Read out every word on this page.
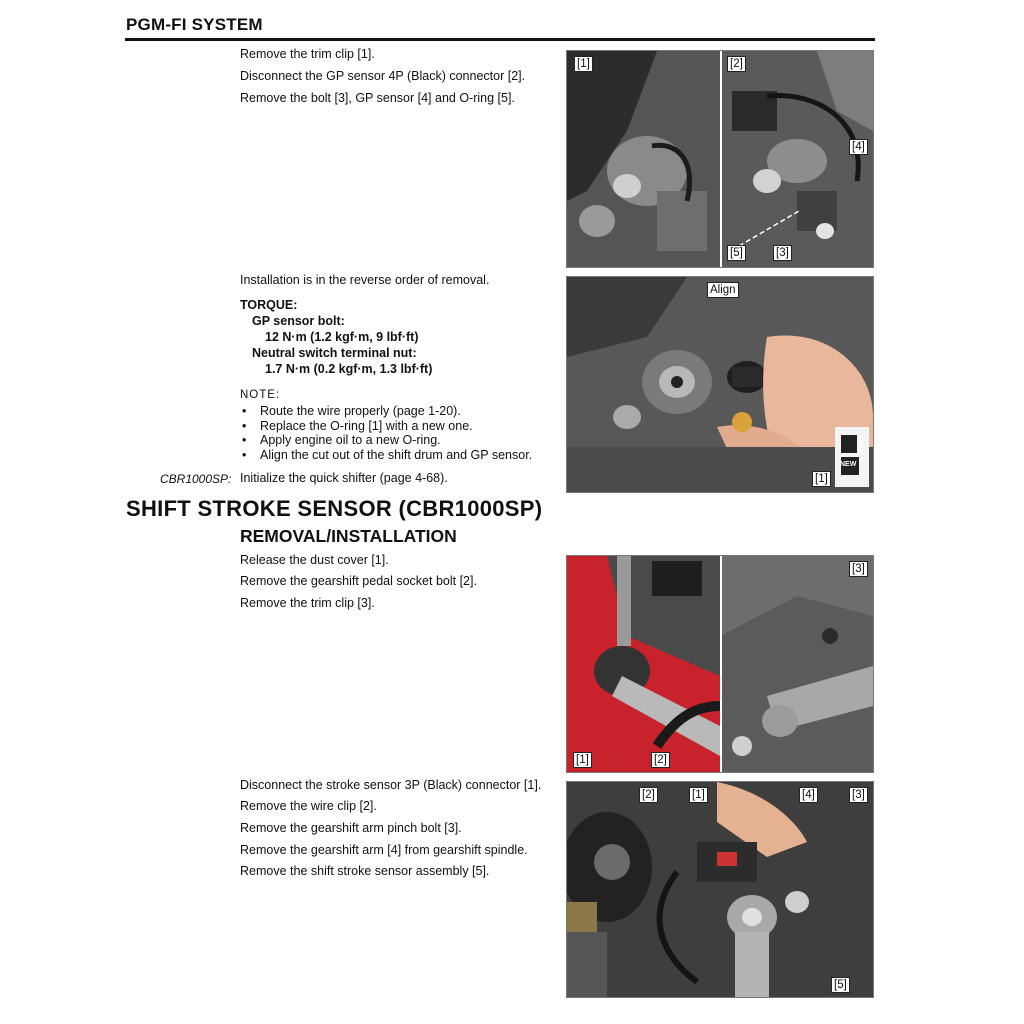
PGM-FI SYSTEM
Remove the trim clip [1].
Disconnect the GP sensor 4P (Black) connector [2].
Remove the bolt [3], GP sensor [4] and O-ring [5].
Installation is in the reverse order of removal.
TORQUE:
GP sensor bolt:
12 N·m (1.2 kgf·m, 9 lbf·ft)
Neutral switch terminal nut:
1.7 N·m (0.2 kgf·m, 1.3 lbf·ft)
NOTE:
• Route the wire properly (page 1-20).
• Replace the O-ring [1] with a new one.
• Apply engine oil to a new O-ring.
• Align the cut out of the shift drum and GP sensor.
CBR1000SP: Initialize the quick shifter (page 4-68).
SHIFT STROKE SENSOR (CBR1000SP)
REMOVAL/INSTALLATION
Release the dust cover [1].
Remove the gearshift pedal socket bolt [2].
Remove the trim clip [3].
Disconnect the stroke sensor 3P (Black) connector [1].
Remove the wire clip [2].
Remove the gearshift arm pinch bolt [3].
Remove the gearshift arm [4] from gearshift spindle.
Remove the shift stroke sensor assembly [5].
[1]	[2]
[4]
[5]	[3]
Align
[1]
OIL
NEW
[3]
[1]	[2]
[2]	[1]	[4]	[3]
[5]
